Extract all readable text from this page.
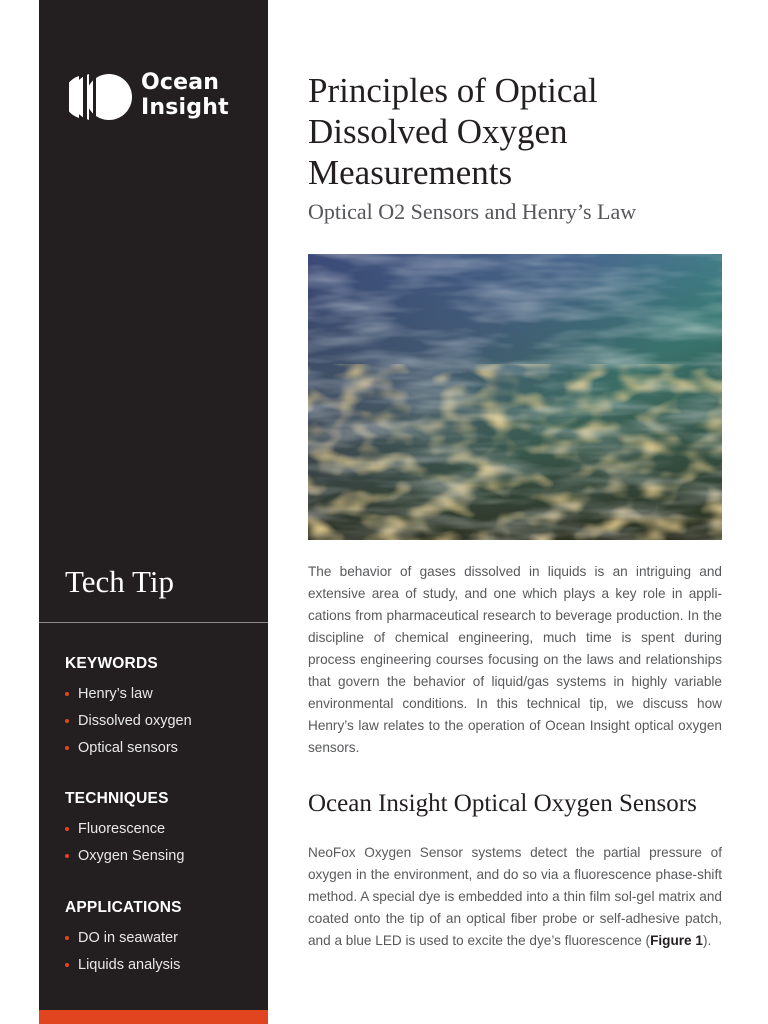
Ocean
Insight
Tech Tip
KEYWORDS
Henry’s law
Dissolved oxygen
Optical sensors
TECHNIQUES
Fluorescence
Oxygen Sensing
APPLICATIONS
DO in seawater
Liquids analysis
Principles of Optical
Dissolved Oxygen
Measurements
Optical O2 Sensors and Henry’s Law

The behavior of gases dissolved in liquids is an intriguing and extensive area of study, and one which plays a key role in appli-cations from pharmaceutical research to beverage production. In the discipline of chemical engineering, much time is spent during process engineering courses focusing on the laws and relationships that govern the behavior of liquid/gas systems in highly variable environmental conditions. In this technical tip, we discuss how Henry’s law relates to the operation of Ocean Insight optical oxygen sensors.

Ocean Insight Optical Oxygen Sensors

NeoFox Oxygen Sensor systems detect the partial pressure of oxygen in the environment, and do so via a fluorescence phase-shift method. A special dye is embedded into a thin film sol-gel matrix and coated onto the tip of an optical fiber probe or self-adhesive patch, and a blue LED is used to excite the dye’s fluorescence (Figure 1).
